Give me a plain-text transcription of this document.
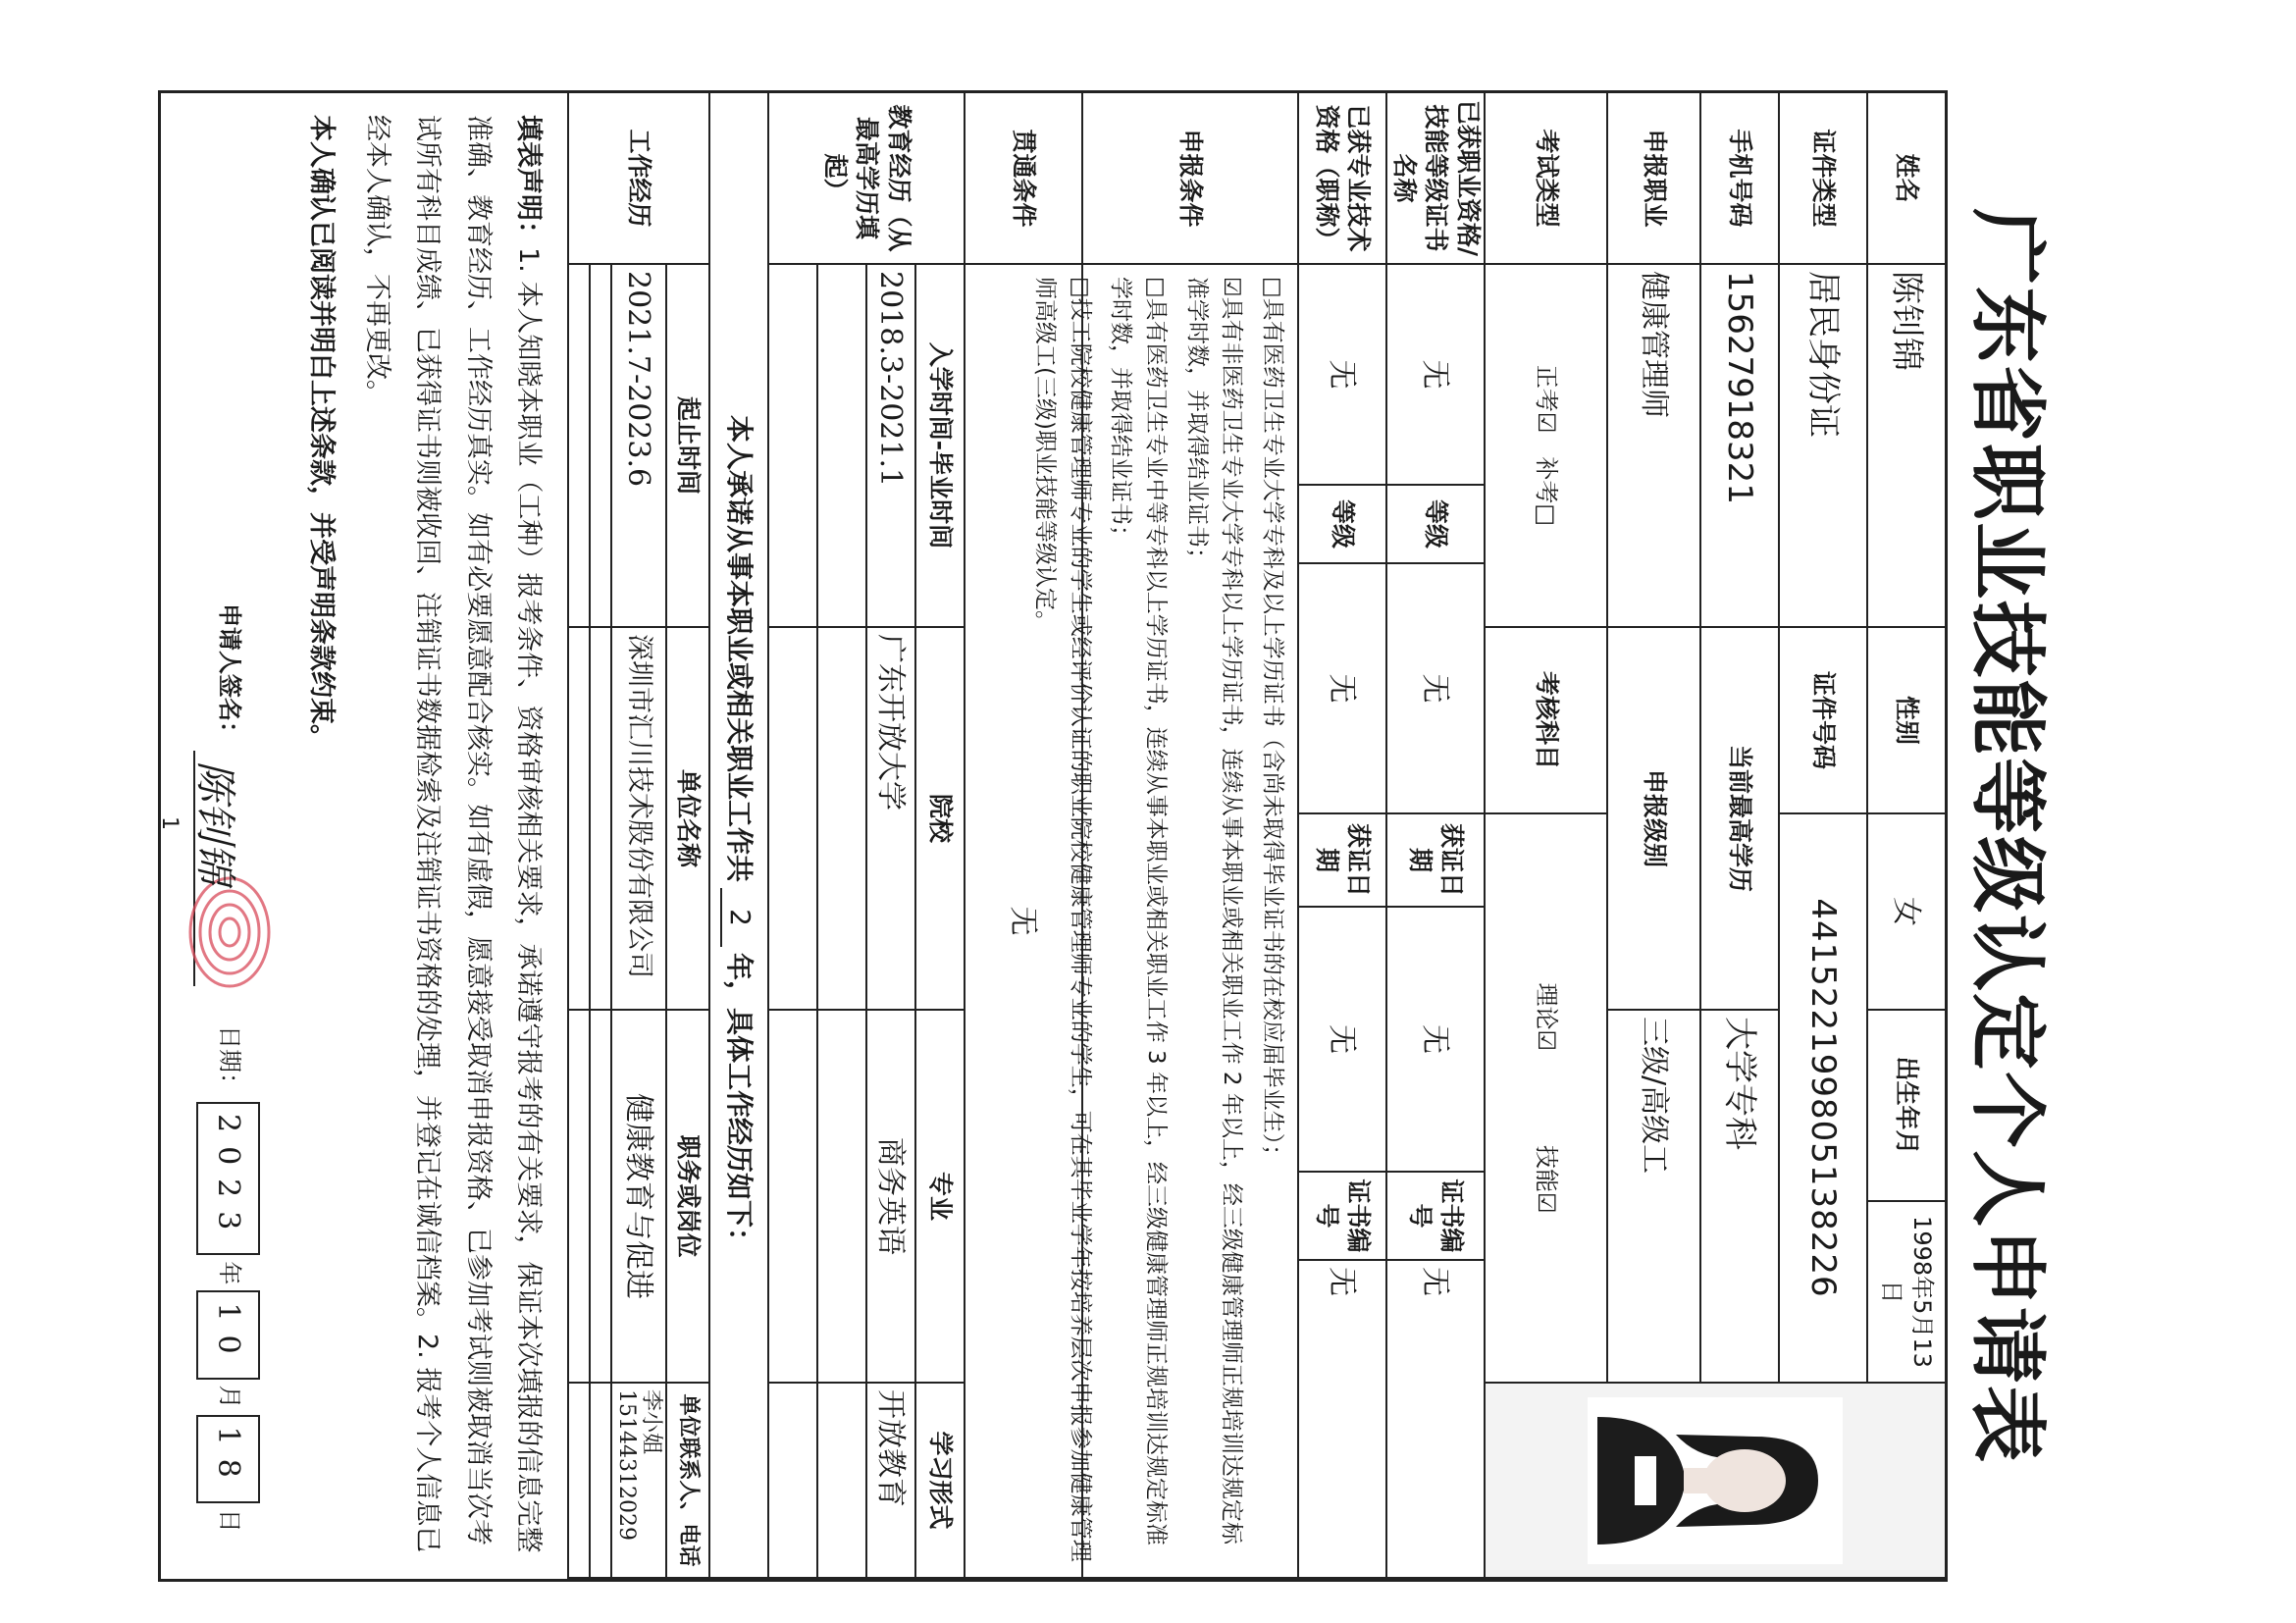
广东省职业技能等级认定个人申请表
姓名
陈钊锦
性别
女
出生年月
1998年5月13日
证件类型
居民身份证
证件号码
441522199805138226
手机号码
15627918321
当前最高学历
大学专科
申报职业
健康管理师
申报级别
三级/高级工
考试类型
正考☑　补考□
考核科目
理论☑　　　　技能☑
已获职业资格/技能等级证书名称
无
等级
无
获证日期
无
证书编号
无
已获专业技术资格（职称）
无
等级
无
获证日期
无
证书编号
无
申报条件

□具有医药卫生专业大学专科及以上学历证书（含尚未取得毕业证书的在校应届毕业生）；

☑具有非医药卫生专业大学专科以上学历证书，连续从事本职业或相关职业工作 2 年以上，经三级健康管理师正规培训达规定标准学时数，并取得结业证书；

□具有医药卫生专业中等专科以上学历证书，连续从事本职业或相关职业工作 3 年以上，经三级健康管理师正规培训达规定标准学时数，并取得结业证书；

□技工院校健康管理师专业的学生或经评价认证的职业院校健康管理师专业的学生，可在其毕业学年按培养层次申报参加健康管理师高级工(三级)职业技能等级认定。

贯通条件
无
教育经历（从最高学历填起）
入学时间-毕业时间
院校
专业
学习形式
2018.3-2021.1
广东开放大学
商务英语
开放教育
本人承诺从事本职业或相关职业工作共
2
年，具体工作经历如下：
工作经历
起止时间
单位名称
职务或岗位
单位联系人、电话
2021.7-2023.6
深圳市汇川技术股份有限公司
健康教育与促进
李小姐
15144312029
填表声明：1. 本人知晓本职业（工种）报考条件、资格审核相关要求，承诺遵守报考的有关要求，保证本次填报的信息完整准确、教育经历、工作经历真实。如有必要愿意配合核实。如有虚假，愿意接受取消申报资格、已参加考试则被取消当次考试所有科目成绩、已获得证书则被收回、注销证书数据检索及注销证书资格的处理，并登记在诚信档案。2. 报考个人信息已经本人确认，不再更改。
本人确认已阅读并明白上述条款，并受声明条款约束。
申请人签名：
陈钊锦
日期：
2023
年
10
月
18
日
1
